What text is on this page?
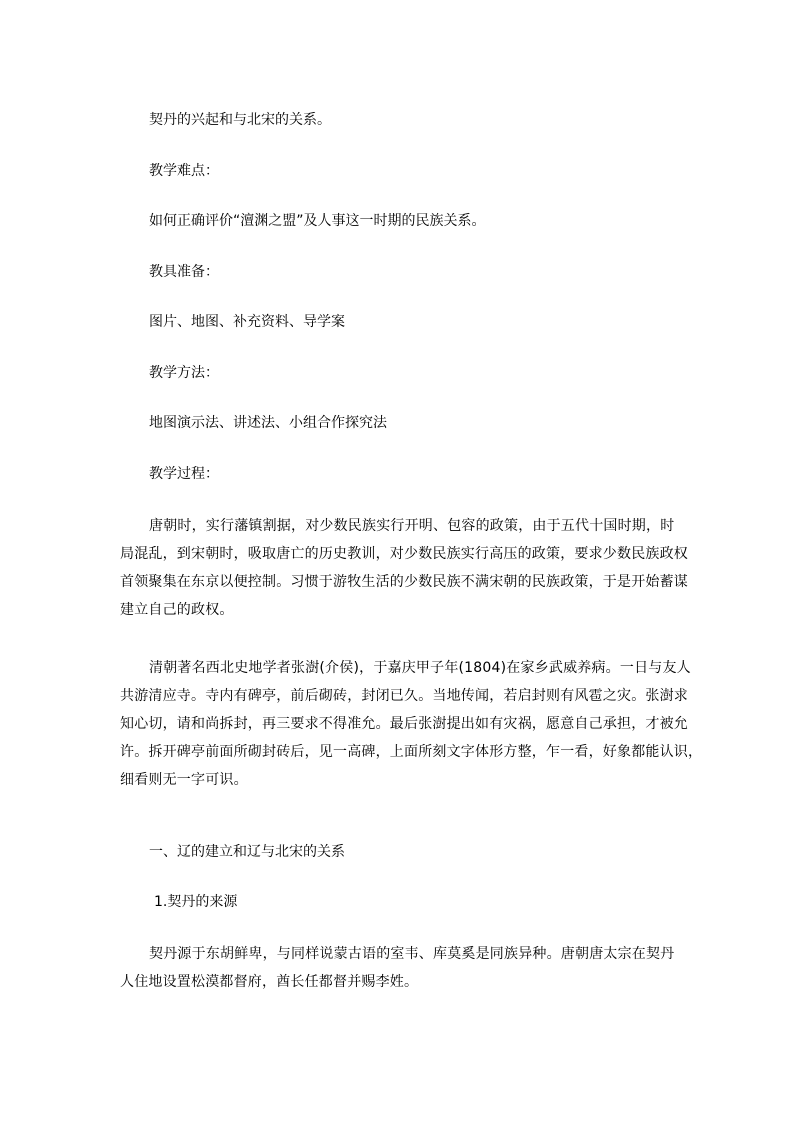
契丹的兴起和与北宋的关系。
教学难点：
如何正确评价“澶渊之盟”及人事这一时期的民族关系。
教具准备：
图片、地图、补充资料、导学案
教学方法：
地图演示法、讲述法、小组合作探究法
教学过程：
唐朝时，实行藩镇割据，对少数民族实行开明、包容的政策，由于五代十国时期，时
局混乱，到宋朝时，吸取唐亡的历史教训，对少数民族实行高压的政策，要求少数民族政权
首领聚集在东京以便控制。习惯于游牧生活的少数民族不满宋朝的民族政策，于是开始蓄谋
建立自己的政权。
清朝著名西北史地学者张澍(介侯)，于嘉庆甲子年(1804)在家乡武威养病。一日与友人
共游清应寺。寺内有碑亭，前后砌砖，封闭已久。当地传闻，若启封则有风雹之灾。张澍求
知心切，请和尚拆封，再三要求不得准允。最后张澍提出如有灾祸，愿意自己承担，才被允
许。拆开碑亭前面所砌封砖后，见一高碑，上面所刻文字体形方整，乍一看，好象都能认识，
细看则无一字可识。
一、辽的建立和辽与北宋的关系
1.契丹的来源
契丹源于东胡鲜卑，与同样说蒙古语的室韦、库莫奚是同族异种。唐朝唐太宗在契丹
人住地设置松漠都督府，酋长任都督并赐李姓。
